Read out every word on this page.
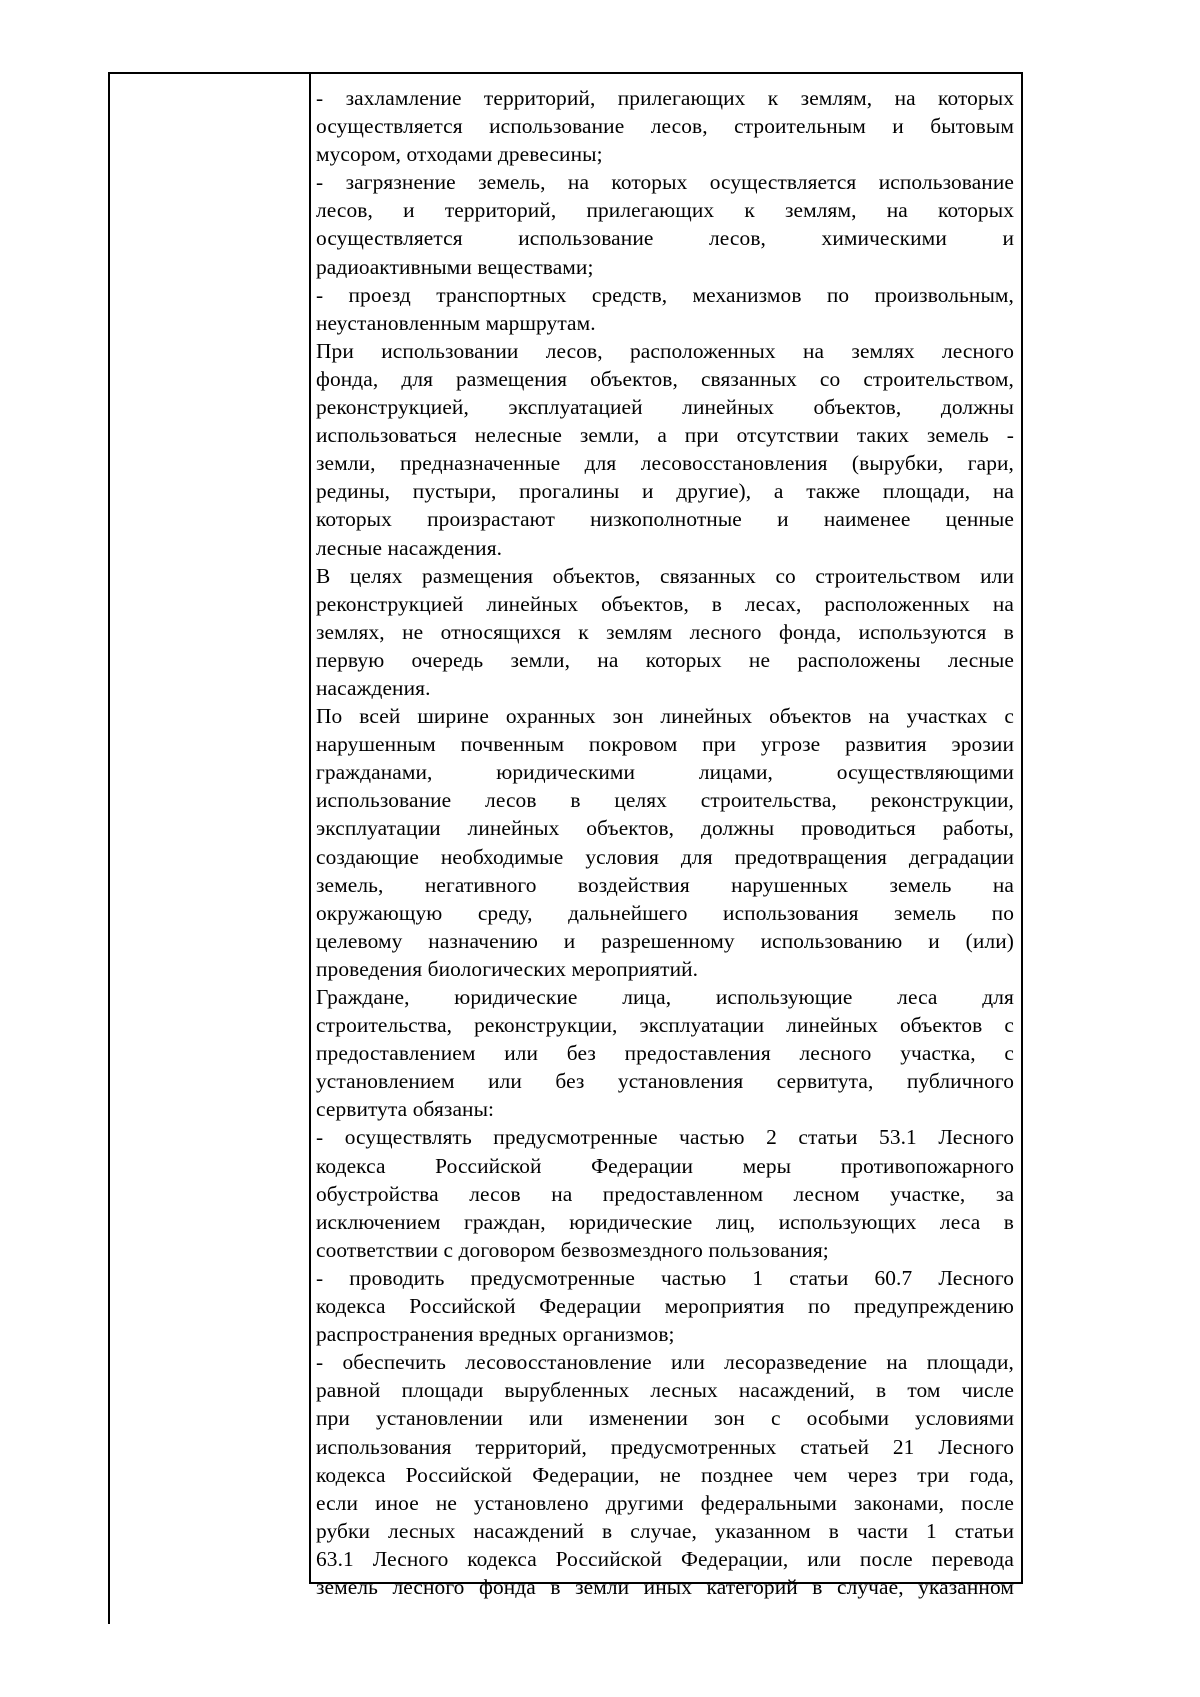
- захламление территорий, прилегающих к землям, на которых
осуществляется использование лесов, строительным и бытовым
мусором, отходами древесины;
- загрязнение земель, на которых осуществляется использование
лесов, и территорий, прилегающих к землям, на которых
осуществляется использование лесов, химическими и
радиоактивными веществами;
- проезд транспортных средств, механизмов по произвольным,
неустановленным маршрутам.
При использовании лесов, расположенных на землях лесного
фонда, для размещения объектов, связанных со строительством,
реконструкцией, эксплуатацией линейных объектов, должны
использоваться нелесные земли, а при отсутствии таких земель -
земли, предназначенные для лесовосстановления (вырубки, гари,
редины, пустыри, прогалины и другие), а также площади, на
которых произрастают низкополнотные и наименее ценные
лесные насаждения.
В целях размещения объектов, связанных со строительством или
реконструкцией линейных объектов, в лесах, расположенных на
землях, не относящихся к землям лесного фонда, используются в
первую очередь земли, на которых не расположены лесные
насаждения.
По всей ширине охранных зон линейных объектов на участках с
нарушенным почвенным покровом при угрозе развития эрозии
гражданами, юридическими лицами, осуществляющими
использование лесов в целях строительства, реконструкции,
эксплуатации линейных объектов, должны проводиться работы,
создающие необходимые условия для предотвращения деградации
земель, негативного воздействия нарушенных земель на
окружающую среду, дальнейшего использования земель по
целевому назначению и разрешенному использованию и (или)
проведения биологических мероприятий.
Граждане, юридические лица, использующие леса для
строительства, реконструкции, эксплуатации линейных объектов с
предоставлением или без предоставления лесного участка, с
установлением или без установления сервитута, публичного
сервитута обязаны:
- осуществлять предусмотренные частью 2 статьи 53.1 Лесного
кодекса Российской Федерации меры противопожарного
обустройства лесов на предоставленном лесном участке, за
исключением граждан, юридические лиц, использующих леса в
соответствии с договором безвозмездного пользования;
- проводить предусмотренные частью 1 статьи 60.7 Лесного
кодекса Российской Федерации мероприятия по предупреждению
распространения вредных организмов;
- обеспечить лесовосстановление или лесоразведение на площади,
равной площади вырубленных лесных насаждений, в том числе
при установлении или изменении зон с особыми условиями
использования территорий, предусмотренных статьей 21 Лесного
кодекса Российской Федерации, не позднее чем через три года,
если иное не установлено другими федеральными законами, после
рубки лесных насаждений в случае, указанном в части 1 статьи
63.1 Лесного кодекса Российской Федерации, или после перевода
земель лесного фонда в земли иных категорий в случае, указанном
